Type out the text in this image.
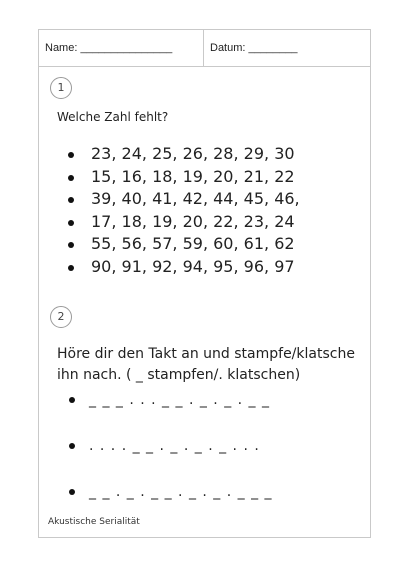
Name: _______________	Datum: ________
1
Welche Zahl fehlt?
23, 24, 25, 26, 28, 29, 30
15, 16, 18, 19, 20, 21, 22
39, 40, 41, 42, 44, 45, 46,
17, 18, 19, 20, 22, 23, 24
55, 56, 57, 59, 60, 61, 62
90, 91, 92, 94, 95, 96, 97
2
Höre dir den Takt an und stampfe/klatsche
ihn nach. ( _ stampfen/. klatschen)
_ _ _ . . . _ _ . _ . _ . _ _
. . . . _ _ . _ . _ . _ . . .
_ _ . _ . _ _ . _ . _ . _ _ _
Akustische Serialität
